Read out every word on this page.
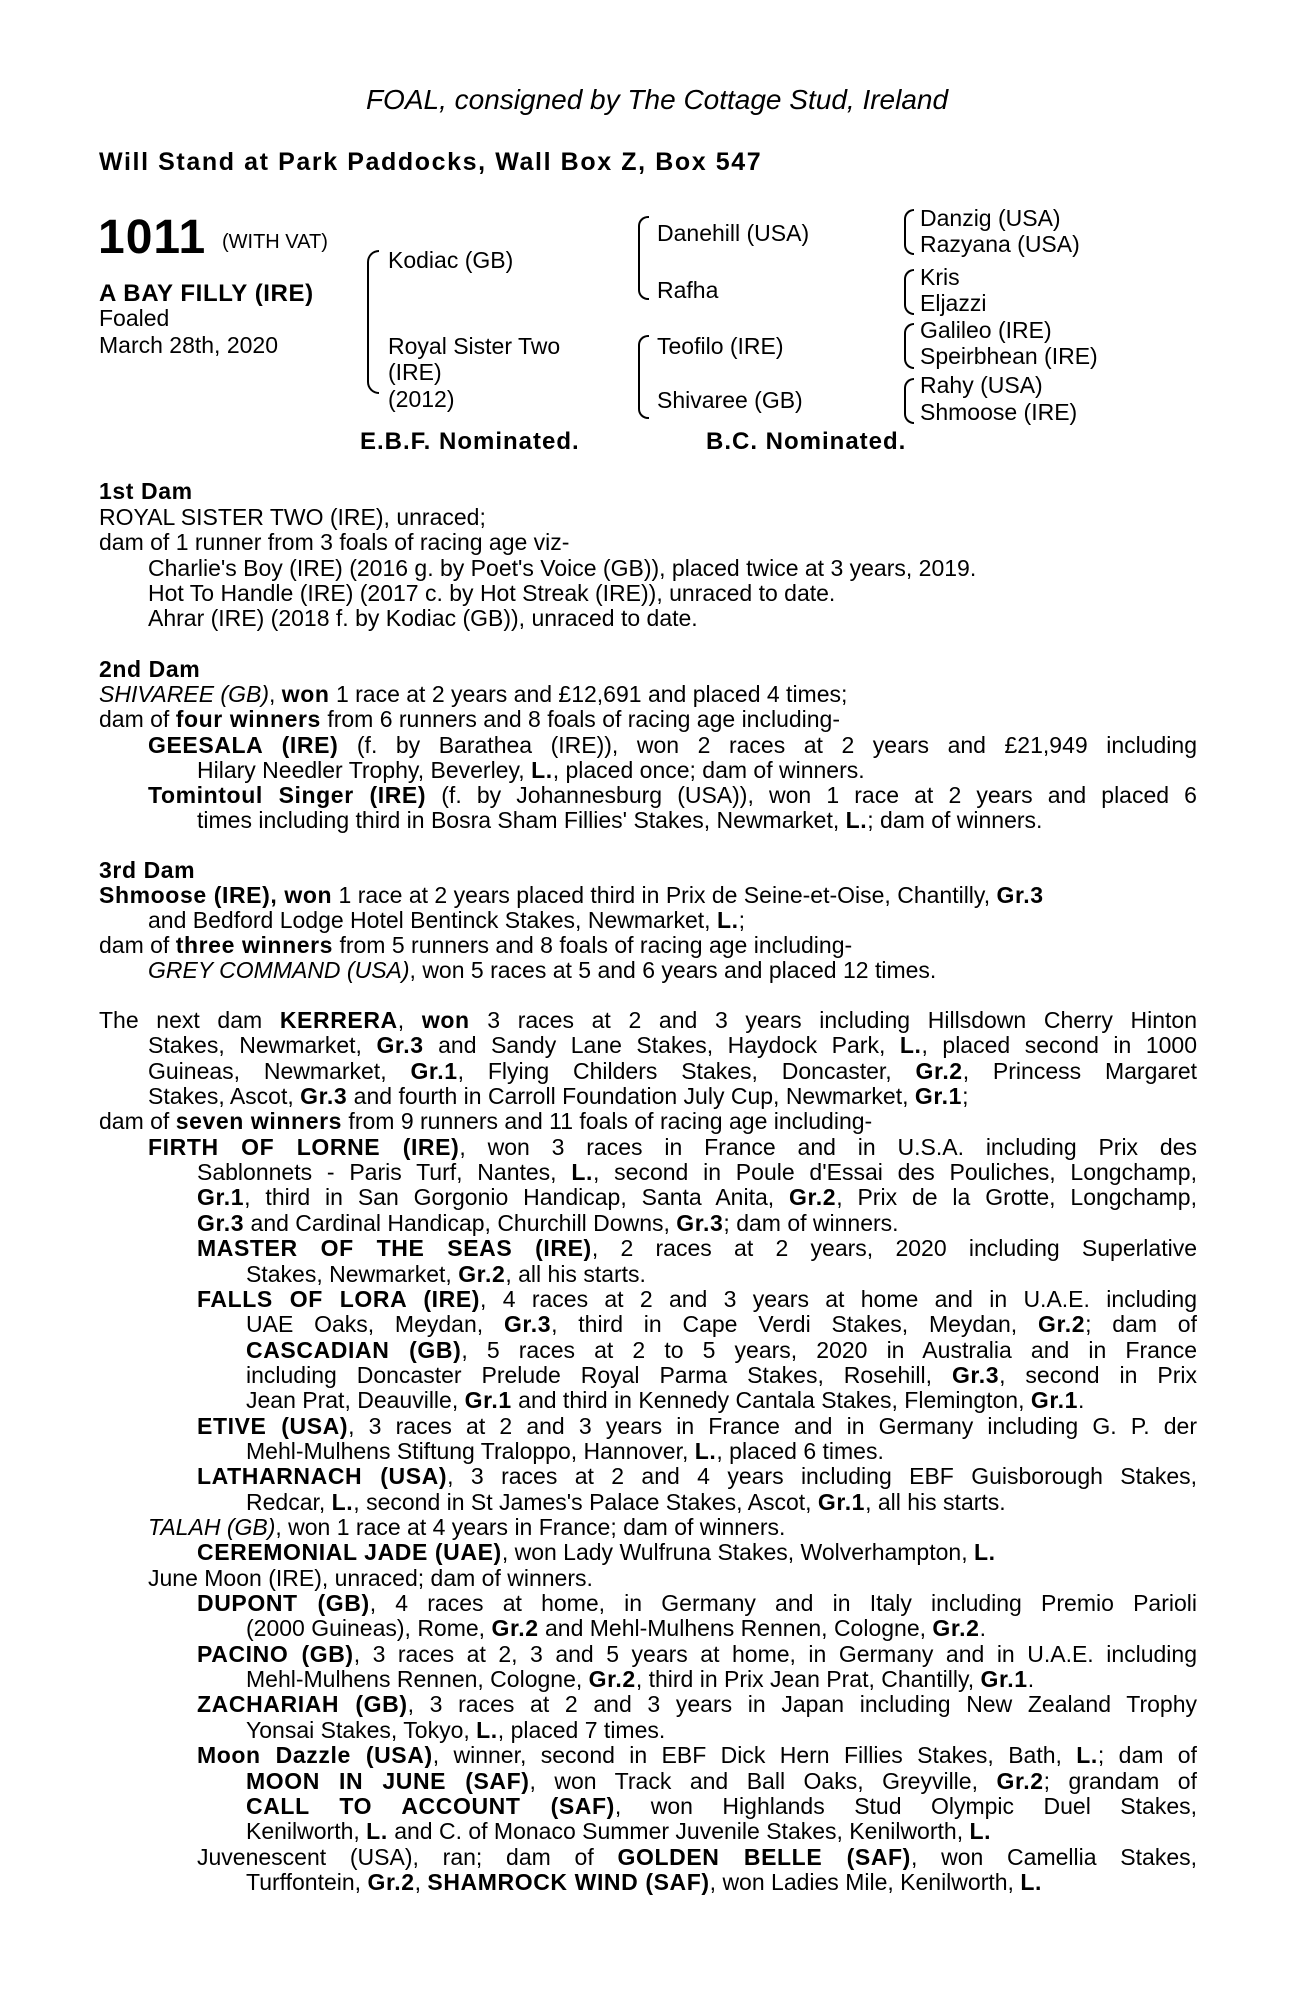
FOAL, consigned by The Cottage Stud, Ireland
Will Stand at Park Paddocks, Wall Box Z, Box 547
1011 (WITH VAT)
A BAY FILLY (IRE)
Foaled
March 28th, 2020
Kodiac (GB)
Royal Sister Two
(IRE)
(2012)
Danehill (USA)
Rafha
Teofilo (IRE)
Shivaree (GB)
Danzig (USA)
Razyana (USA)
Kris
Eljazzi
Galileo (IRE)
Speirbhean (IRE)
Rahy (USA)
Shmoose (IRE)
E.B.F. Nominated.	B.C. Nominated.
1st Dam
ROYAL SISTER TWO (IRE), unraced;
dam of 1 runner from 3 foals of racing age viz-
Charlie's Boy (IRE) (2016 g. by Poet's Voice (GB)), placed twice at 3 years, 2019.
Hot To Handle (IRE) (2017 c. by Hot Streak (IRE)), unraced to date.
Ahrar (IRE) (2018 f. by Kodiac (GB)), unraced to date.
2nd Dam
SHIVAREE (GB), won 1 race at 2 years and £12,691 and placed 4 times;
dam of four winners from 6 runners and 8 foals of racing age including-
GEESALA (IRE) (f. by Barathea (IRE)), won 2 races at 2 years and £21,949 including
Hilary Needler Trophy, Beverley, L., placed once; dam of winners.
Tomintoul Singer (IRE) (f. by Johannesburg (USA)), won 1 race at 2 years and placed 6
times including third in Bosra Sham Fillies' Stakes, Newmarket, L.; dam of winners.
3rd Dam
Shmoose (IRE), won 1 race at 2 years placed third in Prix de Seine-et-Oise, Chantilly, Gr.3
and Bedford Lodge Hotel Bentinck Stakes, Newmarket, L.;
dam of three winners from 5 runners and 8 foals of racing age including-
GREY COMMAND (USA), won 5 races at 5 and 6 years and placed 12 times.
The next dam KERRERA, won 3 races at 2 and 3 years including Hillsdown Cherry Hinton
Stakes, Newmarket, Gr.3 and Sandy Lane Stakes, Haydock Park, L., placed second in 1000
Guineas, Newmarket, Gr.1, Flying Childers Stakes, Doncaster, Gr.2, Princess Margaret
Stakes, Ascot, Gr.3 and fourth in Carroll Foundation July Cup, Newmarket, Gr.1;
dam of seven winners from 9 runners and 11 foals of racing age including-
FIRTH OF LORNE (IRE), won 3 races in France and in U.S.A. including Prix des
Sablonnets - Paris Turf, Nantes, L., second in Poule d'Essai des Pouliches, Longchamp,
Gr.1, third in San Gorgonio Handicap, Santa Anita, Gr.2, Prix de la Grotte, Longchamp,
Gr.3 and Cardinal Handicap, Churchill Downs, Gr.3; dam of winners.
MASTER OF THE SEAS (IRE), 2 races at 2 years, 2020 including Superlative
Stakes, Newmarket, Gr.2, all his starts.
FALLS OF LORA (IRE), 4 races at 2 and 3 years at home and in U.A.E. including
UAE Oaks, Meydan, Gr.3, third in Cape Verdi Stakes, Meydan, Gr.2; dam of
CASCADIAN (GB), 5 races at 2 to 5 years, 2020 in Australia and in France
including Doncaster Prelude Royal Parma Stakes, Rosehill, Gr.3, second in Prix
Jean Prat, Deauville, Gr.1 and third in Kennedy Cantala Stakes, Flemington, Gr.1.
ETIVE (USA), 3 races at 2 and 3 years in France and in Germany including G. P. der
Mehl-Mulhens Stiftung Traloppo, Hannover, L., placed 6 times.
LATHARNACH (USA), 3 races at 2 and 4 years including EBF Guisborough Stakes,
Redcar, L., second in St James's Palace Stakes, Ascot, Gr.1, all his starts.
TALAH (GB), won 1 race at 4 years in France; dam of winners.
CEREMONIAL JADE (UAE), won Lady Wulfruna Stakes, Wolverhampton, L.
June Moon (IRE), unraced; dam of winners.
DUPONT (GB), 4 races at home, in Germany and in Italy including Premio Parioli
(2000 Guineas), Rome, Gr.2 and Mehl-Mulhens Rennen, Cologne, Gr.2.
PACINO (GB), 3 races at 2, 3 and 5 years at home, in Germany and in U.A.E. including
Mehl-Mulhens Rennen, Cologne, Gr.2, third in Prix Jean Prat, Chantilly, Gr.1.
ZACHARIAH (GB), 3 races at 2 and 3 years in Japan including New Zealand Trophy
Yonsai Stakes, Tokyo, L., placed 7 times.
Moon Dazzle (USA), winner, second in EBF Dick Hern Fillies Stakes, Bath, L.; dam of
MOON IN JUNE (SAF), won Track and Ball Oaks, Greyville, Gr.2; grandam of
CALL TO ACCOUNT (SAF), won Highlands Stud Olympic Duel Stakes,
Kenilworth, L. and C. of Monaco Summer Juvenile Stakes, Kenilworth, L.
Juvenescent (USA), ran; dam of GOLDEN BELLE (SAF), won Camellia Stakes,
Turffontein, Gr.2, SHAMROCK WIND (SAF), won Ladies Mile, Kenilworth, L.
